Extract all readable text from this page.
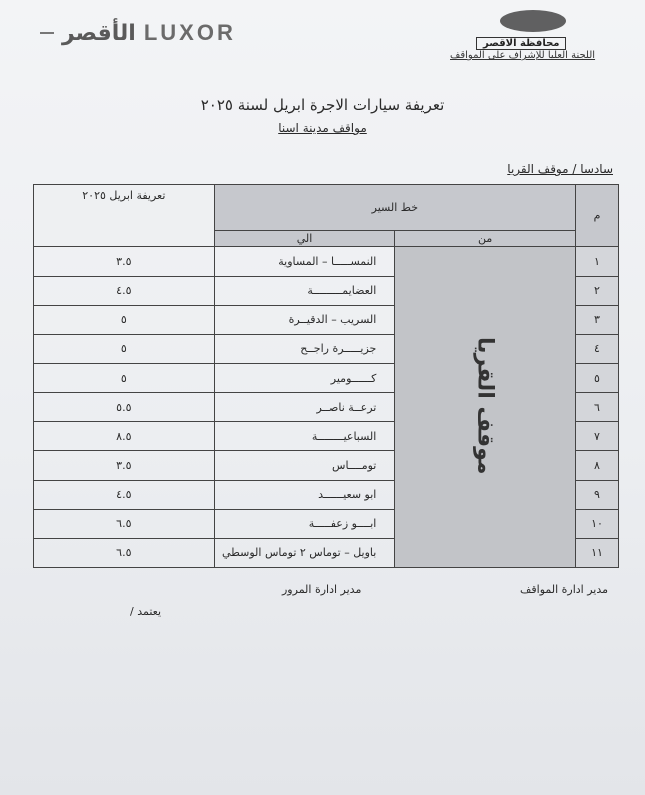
الأقصر LUXOR	محافظة الاقصر
اللجنة العليا للإشراف على المواقف
تعريفة سيارات الاجرة ابريل لسنة ٢٠٢٥
مواقف مدينة اسنا
سادسا / موقف القريا
م	خط السير		تعريفة ابريل ٢٠٢٥
	من	الي	
١	موقف القريا	النمســـــا – المساوية	٣.٥
٢		العضايمـــــــــة	٤.٥
٣		السريب – الدقيــرة	٥
٤		جزيـــــرة راجــح	٥
٥		كــــــومير	٥
٦		ترعــة ناصــر	٥.٥
٧		السباعيــــــــة	٨.٥
٨		تومــــاس	٣.٥
٩		ابو سعيــــــد	٤.٥
١٠		ابــــو زعفـــــة	٦.٥
١١		باويل – توماس ٢ توماس الوسطي	٦.٥
مدير ادارة المواقف
مدير ادارة المرور
يعتمد /
